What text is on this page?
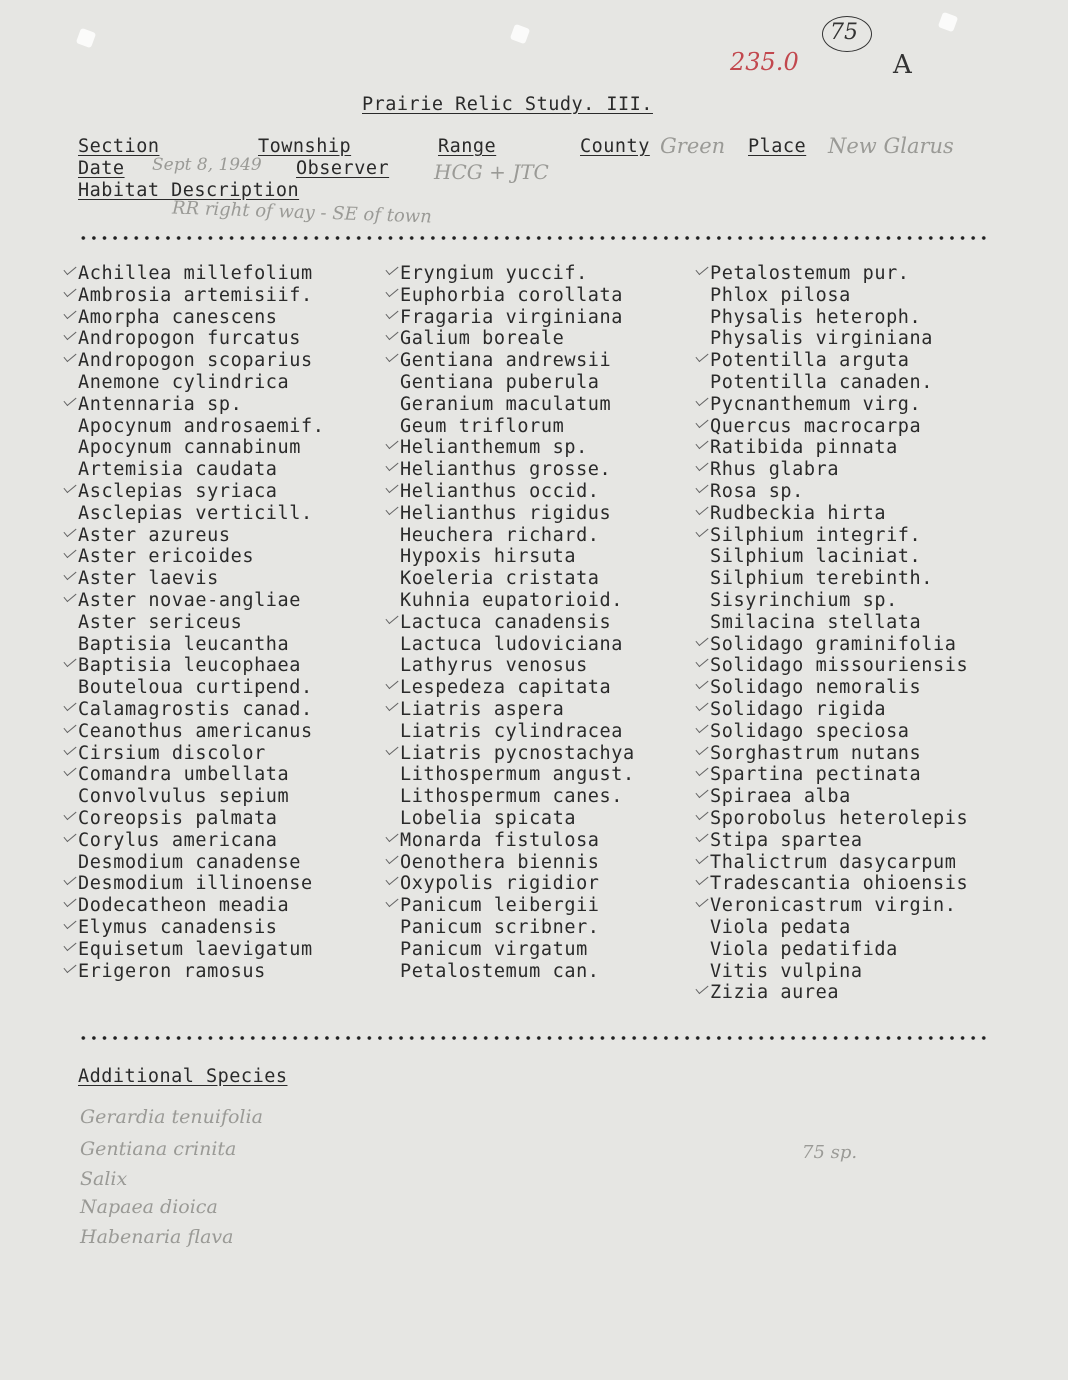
75
235.0	A
Prairie Relic Study. III.
Section	Township	Range	County Green Place New Glarus
Date Sept 8, 1949 Observer HCG + JTC
Habitat Description
RR right of way - SE of town
Achillea millefolium
Ambrosia artemisiif.
Amorpha canescens
Andropogon furcatus
Andropogon scoparius
Anemone cylindrica
Antennaria sp.
Apocynum androsaemif.
Apocynum cannabinum
Artemisia caudata
Asclepias syriaca
Asclepias verticill.
Aster azureus
Aster ericoides
Aster laevis
Aster novae-angliae
Aster sericeus
Baptisia leucantha
Baptisia leucophaea
Bouteloua curtipend.
Calamagrostis canad.
Ceanothus americanus
Cirsium discolor
Comandra umbellata
Convolvulus sepium
Coreopsis palmata
Corylus americana
Desmodium canadense
Desmodium illinoense
Dodecatheon meadia
Elymus canadensis
Equisetum laevigatum
Erigeron ramosus
Eryngium yuccif.
Euphorbia corollata
Fragaria virginiana
Galium boreale
Gentiana andrewsii
Gentiana puberula
Geranium maculatum
Geum triflorum
Helianthemum sp.
Helianthus grosse.
Helianthus occid.
Helianthus rigidus
Heuchera richard.
Hypoxis hirsuta
Koeleria cristata
Kuhnia eupatorioid.
Lactuca canadensis
Lactuca ludoviciana
Lathyrus venosus
Lespedeza capitata
Liatris aspera
Liatris cylindracea
Liatris pycnostachya
Lithospermum angust.
Lithospermum canes.
Lobelia spicata
Monarda fistulosa
Oenothera biennis
Oxypolis rigidior
Panicum leibergii
Panicum scribner.
Panicum virgatum
Petalostemum can.
Petalostemum pur.
Phlox pilosa
Physalis heteroph.
Physalis virginiana
Potentilla arguta
Potentilla canaden.
Pycnanthemum virg.
Quercus macrocarpa
Ratibida pinnata
Rhus glabra
Rosa sp.
Rudbeckia hirta
Silphium integrif.
Silphium laciniat.
Silphium terebinth.
Sisyrinchium sp.
Smilacina stellata
Solidago graminifolia
Solidago missouriensis
Solidago nemoralis
Solidago rigida
Solidago speciosa
Sorghastrum nutans
Spartina pectinata
Spiraea alba
Sporobolus heterolepis
Stipa spartea
Thalictrum dasycarpum
Tradescantia ohioensis
Veronicastrum virgin.
Viola pedata
Viola pedatifida
Vitis vulpina
Zizia aurea
Additional Species
Gerardia tenuifolia
Gentiana crinita
Salix
Napaea dioica
Habenaria flava
75 sp.
